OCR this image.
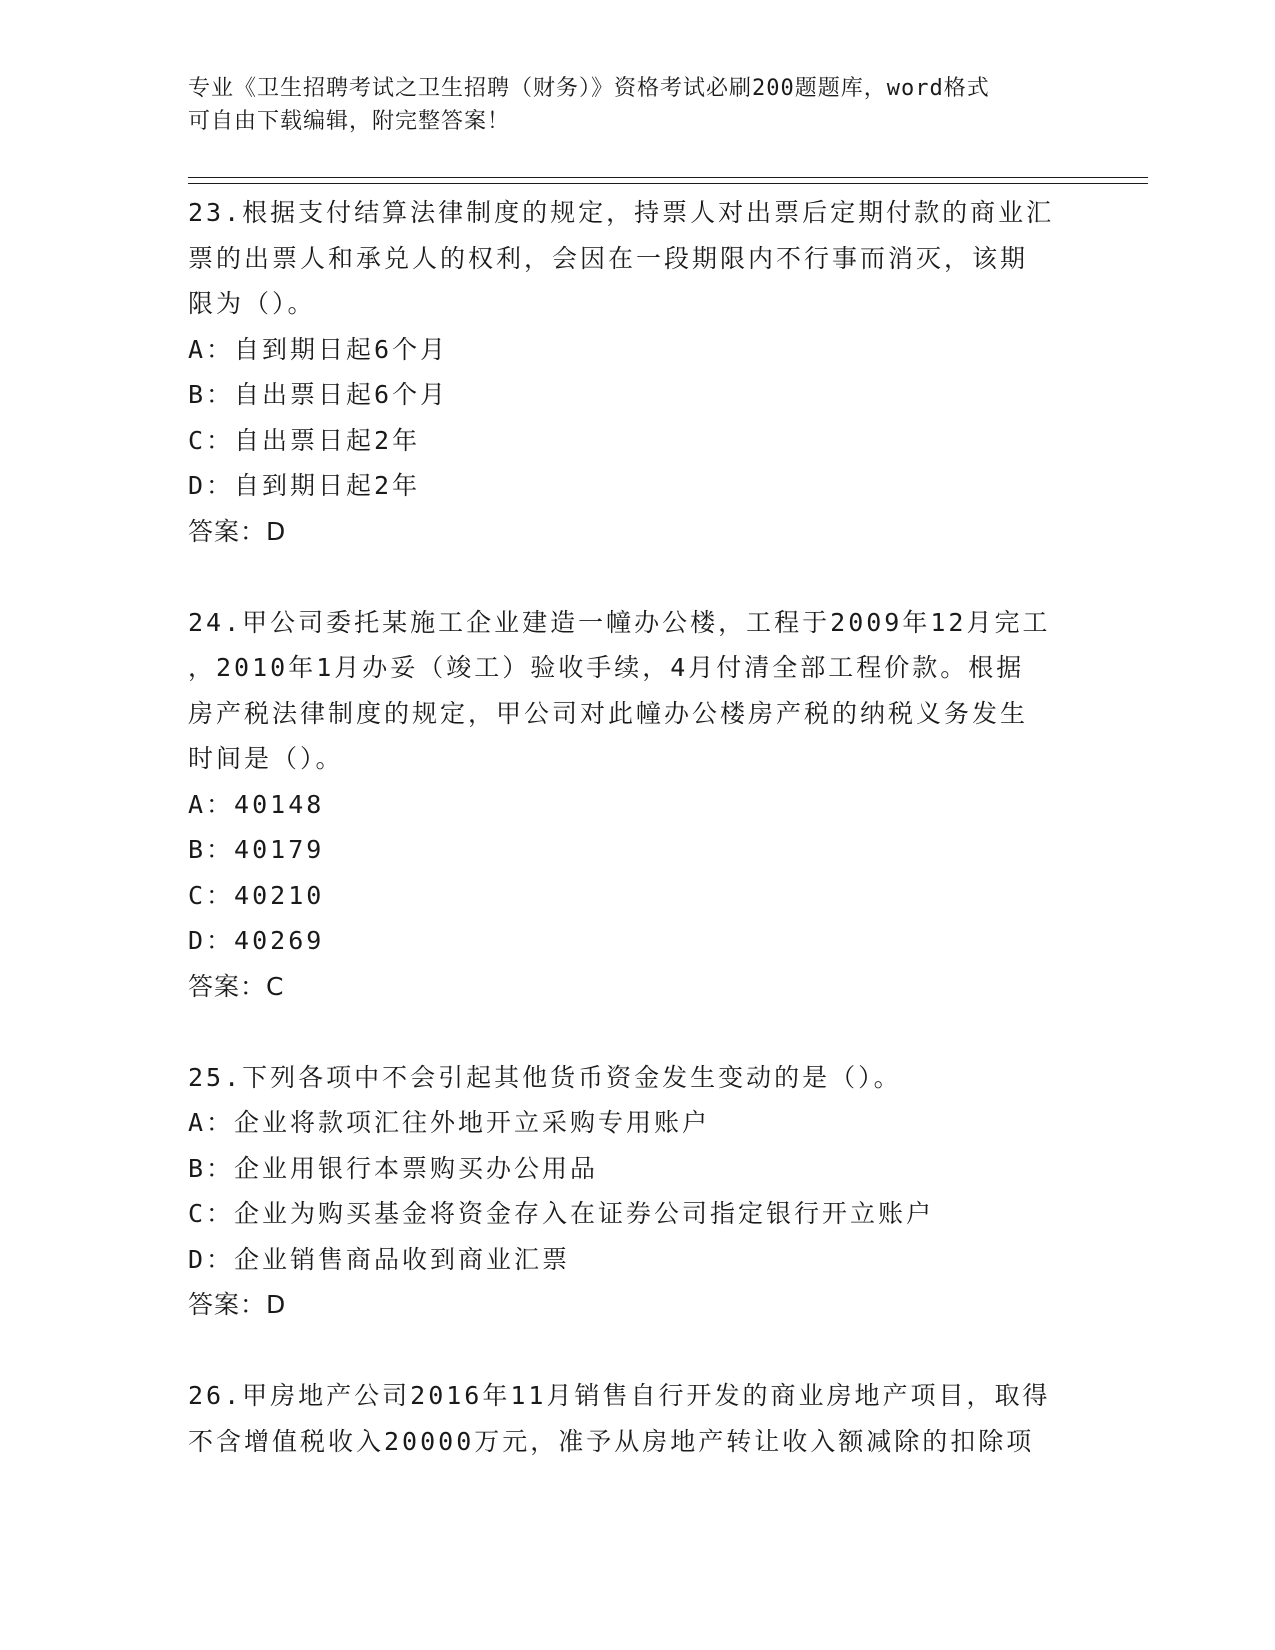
专业《卫生招聘考试之卫生招聘（财务）》资格考试必刷200题题库，word格式
可自由下载编辑，附完整答案！
23.根据支付结算法律制度的规定，持票人对出票后定期付款的商业汇
票的出票人和承兑人的权利，会因在一段期限内不行事而消灭，该期
限为（）。
A：自到期日起6个月
B：自出票日起6个月
C：自出票日起2年
D：自到期日起2年
答案：D
24.甲公司委托某施工企业建造一幢办公楼，工程于2009年12月完工
，2010年1月办妥（竣工）验收手续，4月付清全部工程价款。根据
房产税法律制度的规定，甲公司对此幢办公楼房产税的纳税义务发生
时间是（）。
A：40148
B：40179
C：40210
D：40269
答案：C
25.下列各项中不会引起其他货币资金发生变动的是（）。
A：企业将款项汇往外地开立采购专用账户
B：企业用银行本票购买办公用品
C：企业为购买基金将资金存入在证券公司指定银行开立账户
D：企业销售商品收到商业汇票
答案：D
26.甲房地产公司2016年11月销售自行开发的商业房地产项目，取得
不含增值税收入20000万元，准予从房地产转让收入额减除的扣除项
